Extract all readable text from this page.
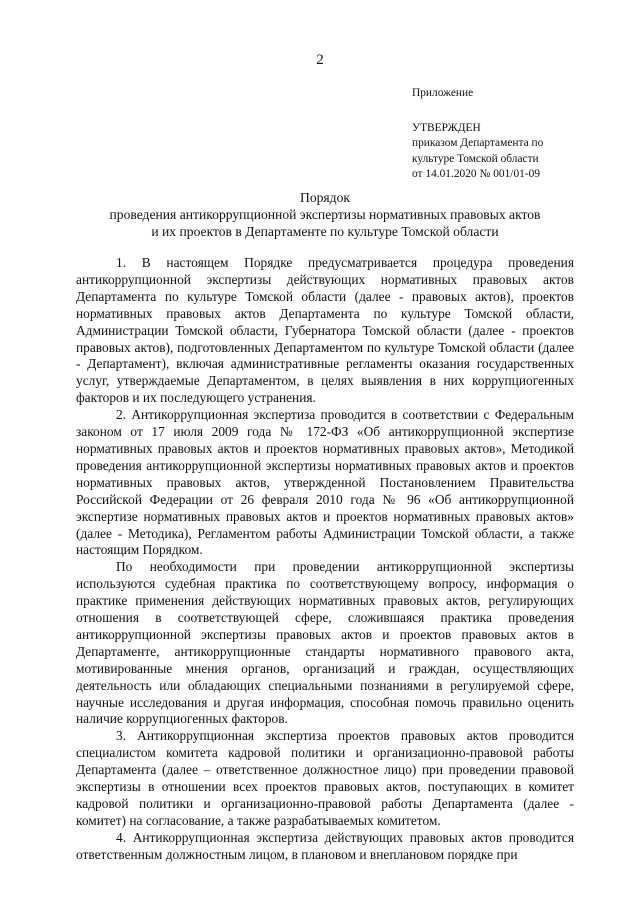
2
Приложение
УТВЕРЖДЕН
приказом Департамента по
культуре Томской области
от 14.01.2020 № 001/01-09
Порядок
проведения антикоррупционной экспертизы нормативных правовых актов
и их проектов в Департаменте по культуре Томской области

1. В настоящем Порядке предусматривается процедура проведения антикоррупционной экспертизы действующих нормативных правовых актов Департамента по культуре Томской области (далее - правовых актов), проектов нормативных правовых актов Департамента по культуре Томской области, Администрации Томской области, Губернатора Томской области (далее - проектов правовых актов), подготовленных Департаментом по культуре Томской области (далее - Департамент), включая административные регламенты оказания государственных услуг, утверждаемые Департаментом, в целях выявления в них коррупциогенных факторов и их последующего устранения.

2. Антикоррупционная экспертиза проводится в соответствии с Федеральным законом от 17 июля 2009 года № 172-ФЗ «Об антикоррупционной экспертизе нормативных правовых актов и проектов нормативных правовых актов», Методикой проведения антикоррупционной экспертизы нормативных правовых актов и проектов нормативных правовых актов, утвержденной Постановлением Правительства Российской Федерации от 26 февраля 2010 года № 96 «Об антикоррупционной экспертизе нормативных правовых актов и проектов нормативных правовых актов» (далее - Методика), Регламентом работы Администрации Томской области, а также настоящим Порядком.

По необходимости при проведении антикоррупционной экспертизы используются судебная практика по соответствующему вопросу, информация о практике применения действующих нормативных правовых актов, регулирующих отношения в соответствующей сфере, сложившаяся практика проведения антикоррупционной экспертизы правовых актов и проектов правовых актов в Департаменте, антикоррупционные стандарты нормативного правового акта, мотивированные мнения органов, организаций и граждан, осуществляющих деятельность или обладающих специальными познаниями в регулируемой сфере, научные исследования и другая информация, способная помочь правильно оценить наличие коррупциогенных факторов.

3. Антикоррупционная экспертиза проектов правовых актов проводится специалистом комитета кадровой политики и организационно-правовой работы Департамента (далее – ответственное должностное лицо) при проведении правовой экспертизы в отношении всех проектов правовых актов, поступающих в комитет кадровой политики и организационно-правовой работы Департамента (далее - комитет) на согласование, а также разрабатываемых комитетом.

4. Антикоррупционная экспертиза действующих правовых актов проводится ответственным должностным лицом, в плановом и внеплановом порядке при
